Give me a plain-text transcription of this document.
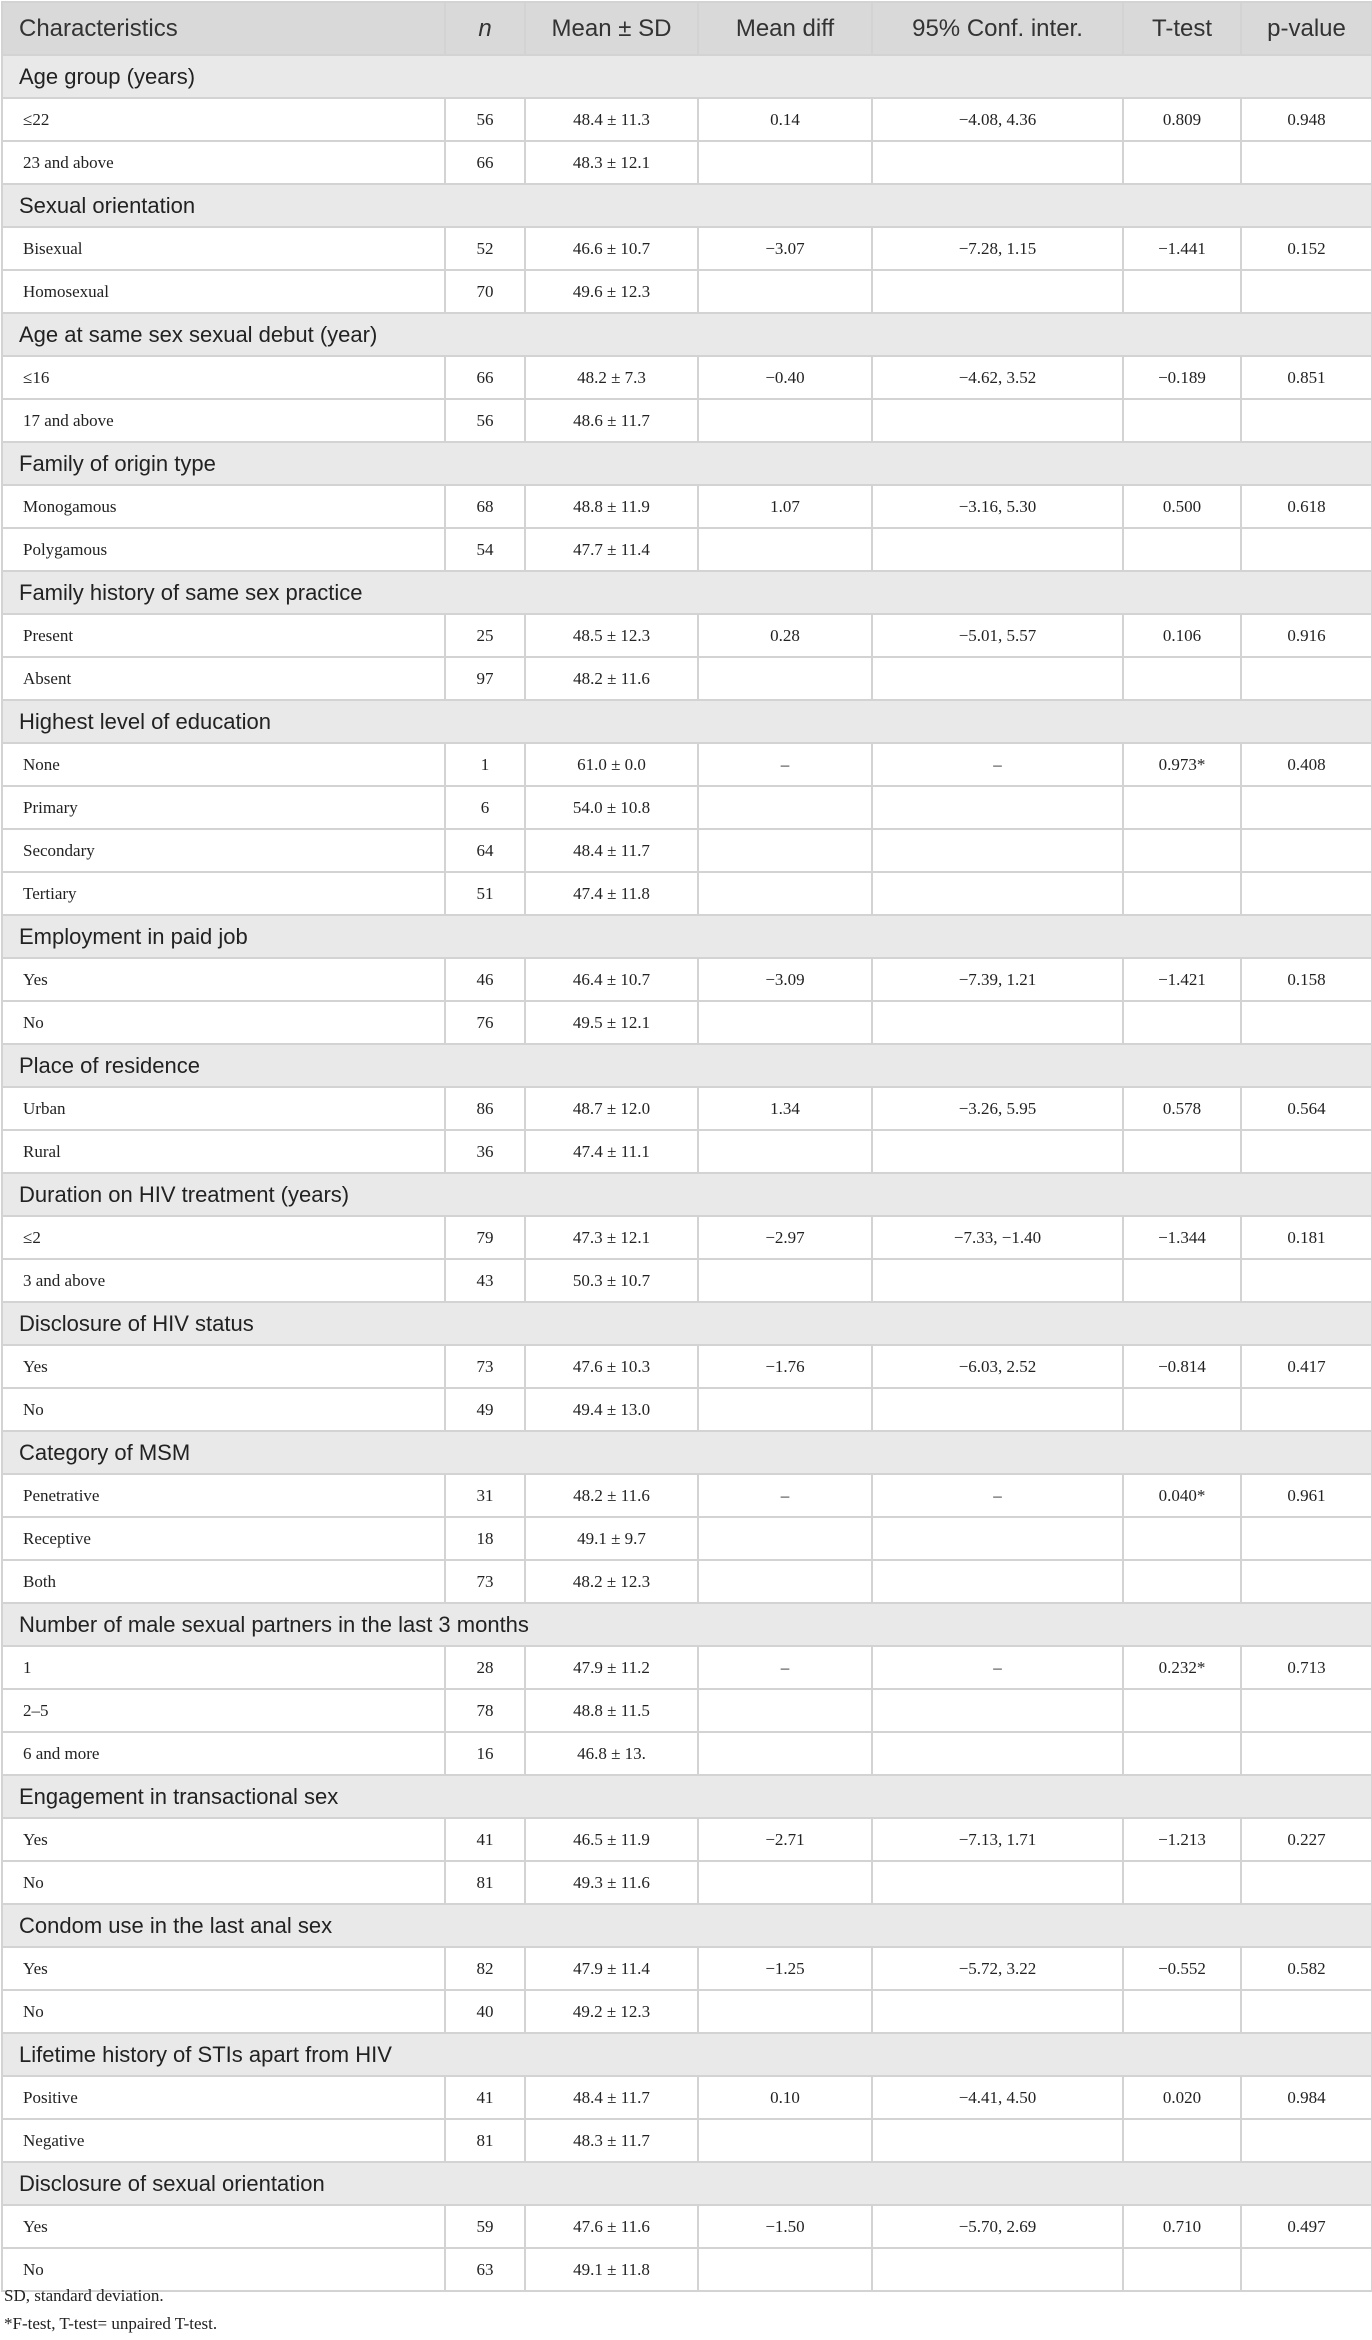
Characteristics	n	Mean ± SD	Mean diff	95% Conf. inter.	T-test	p-value
Age group (years)						
≤22	56	48.4 ± 11.3	0.14	−4.08, 4.36	0.809	0.948
23 and above	66	48.3 ± 12.1				
Sexual orientation						
Bisexual	52	46.6 ± 10.7	−3.07	−7.28, 1.15	−1.441	0.152
Homosexual	70	49.6 ± 12.3				
Age at same sex sexual debut (year)						
≤16	66	48.2 ± 7.3	−0.40	−4.62, 3.52	−0.189	0.851
17 and above	56	48.6 ± 11.7				
Family of origin type						
Monogamous	68	48.8 ± 11.9	1.07	−3.16, 5.30	0.500	0.618
Polygamous	54	47.7 ± 11.4				
Family history of same sex practice						
Present	25	48.5 ± 12.3	0.28	−5.01, 5.57	0.106	0.916
Absent	97	48.2 ± 11.6				
Highest level of education						
None	1	61.0 ± 0.0	–	–	0.973*	0.408
Primary	6	54.0 ± 10.8				
Secondary	64	48.4 ± 11.7				
Tertiary	51	47.4 ± 11.8				
Employment in paid job						
Yes	46	46.4 ± 10.7	−3.09	−7.39, 1.21	−1.421	0.158
No	76	49.5 ± 12.1				
Place of residence						
Urban	86	48.7 ± 12.0	1.34	−3.26, 5.95	0.578	0.564
Rural	36	47.4 ± 11.1				
Duration on HIV treatment (years)						
≤2	79	47.3 ± 12.1	−2.97	−7.33, −1.40	−1.344	0.181
3 and above	43	50.3 ± 10.7				
Disclosure of HIV status						
Yes	73	47.6 ± 10.3	−1.76	−6.03, 2.52	−0.814	0.417
No	49	49.4 ± 13.0				
Category of MSM						
Penetrative	31	48.2 ± 11.6	–	–	0.040*	0.961
Receptive	18	49.1 ± 9.7				
Both	73	48.2 ± 12.3				
Number of male sexual partners in the last 3 months						
1	28	47.9 ± 11.2	–	–	0.232*	0.713
2–5	78	48.8 ± 11.5				
6 and more	16	46.8 ± 13.				
Engagement in transactional sex						
Yes	41	46.5 ± 11.9	−2.71	−7.13, 1.71	−1.213	0.227
No	81	49.3 ± 11.6				
Condom use in the last anal sex						
Yes	82	47.9 ± 11.4	−1.25	−5.72, 3.22	−0.552	0.582
No	40	49.2 ± 12.3				
Lifetime history of STIs apart from HIV						
Positive	41	48.4 ± 11.7	0.10	−4.41, 4.50	0.020	0.984
Negative	81	48.3 ± 11.7				
Disclosure of sexual orientation						
Yes	59	47.6 ± 11.6	−1.50	−5.70, 2.69	0.710	0.497
No	63	49.1 ± 11.8				
SD, standard deviation.
*F-test, T-test= unpaired T-test.
